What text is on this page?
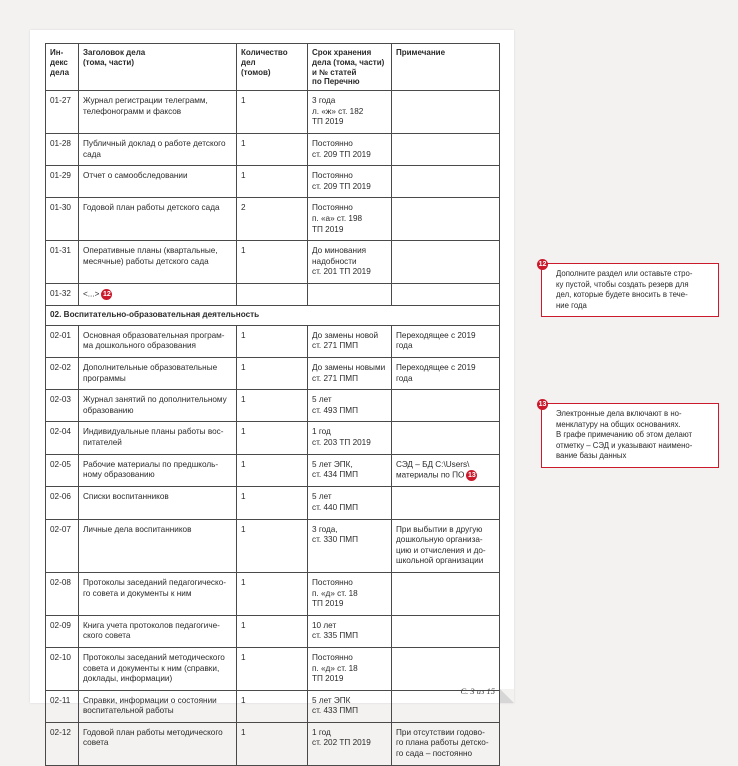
Ин-
декс
дела	Заголовок дела
(тома, части)	Количество
дел
(томов)	Срок хранения
дела (тома, части)
и № статей
по Перечню	Примечание
01-27	Журнал регистрации телеграмм,
телефонограмм и факсов	1	3 года
л. «ж» ст. 182
ТП 2019	
01-28	Публичный доклад о работе детского
сада	1	Постоянно
ст. 209 ТП 2019	
01-29	Отчет о самообследовании	1	Постоянно
ст. 209 ТП 2019	
01-30	Годовой план работы детского сада	2	Постоянно
п. «а» ст. 198
ТП 2019	
01-31	Оперативные планы (квартальные,
месячные) работы детского сада	1	До минования
надобности
ст. 201 ТП 2019	
01-32	<...> 12			
02. Воспитательно-образовательная деятельность				
02-01	Основная образовательная програм-
ма дошкольного образования	1	До замены новой
ст. 271 ПМП	Переходящее с 2019
года
02-02	Дополнительные образовательные
программы	1	До замены новыми
ст. 271 ПМП	Переходящее с 2019
года
02-03	Журнал занятий по дополнительному
образованию	1	5 лет
ст. 493 ПМП	
02-04	Индивидуальные планы работы вос-
питателей	1	1 год
ст. 203 ТП 2019	
02-05	Рабочие материалы по предшколь-
ному образованию	1	5 лет ЭПК,
ст. 434 ПМП	СЭД – БД C:\Users\
материалы по ПО 13
02-06	Списки воспитанников	1	5 лет
ст. 440 ПМП	
02-07	Личные дела воспитанников	1	3 года,
ст. 330 ПМП	При выбытии в другую
дошкольную организа-
цию и отчисления и до-
школьной организации
02-08	Протоколы заседаний педагогическо-
го совета и документы к ним	1	Постоянно
п. «д» ст. 18
ТП 2019	
02-09	Книга учета протоколов педагогиче-
ского совета	1	10 лет
ст. 335 ПМП	
02-10	Протоколы заседаний методического
совета и документы к ним (справки,
доклады, информации)	1	Постоянно
п. «д» ст. 18
ТП 2019	
02-11	Справки, информации о состоянии
воспитательной работы	1	5 лет ЭПК
ст. 433 ПМП	
02-12	Годовой план работы методического
совета	1	1 год
ст. 202 ТП 2019	При отсутствии годово-
го плана работы детско-
го сада – постоянно
С. 3 из 15
12
Дополните раздел или оставьте стро-
ку пустой, чтобы создать резерв для
дел, которые будете вносить в тече-
ние года
13
Электронные дела включают в но-
менклатуру на общих основаниях.
В графе примечанию об этом делают
отметку – СЭД и указывают наимено-
вание базы данных
